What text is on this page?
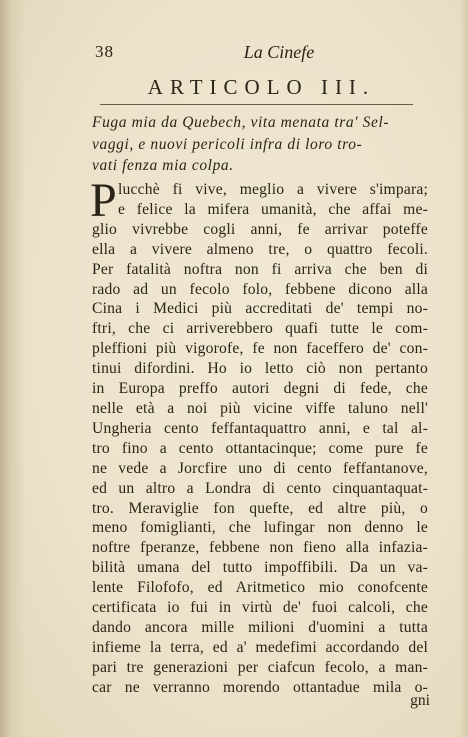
38	La Cinefe
ARTICOLO III.
Fuga mia da Quebech, vita menata tra' Sel-
vaggi, e nuovi pericoli infra di loro tro-
vati fenza mia colpa.
P lucchè fi vive, meglio a vivere s'impara;
e felice la mifera umanità, che affai me-
glio vivrebbe cogli anni, fe arrivar poteffe
ella a vivere almeno tre, o quattro fecoli.
Per fatalità noftra non fi arriva che ben di
rado ad un fecolo folo, febbene dicono alla
Cina i Medici più accreditati de' tempi no-
ftri, che ci arriverebbero quafi tutte le com-
pleffioni più vigorofe, fe non faceffero de' con-
tinui difordini. Ho io letto ciò non pertanto
in Europa preffo autori degni di fede, che
nelle età a noi più vicine viffe taluno nell'
Ungheria cento feffantaquattro anni, e tal al-
tro fino a cento ottantacinque; come pure fe
ne vede a Jorcfire uno di cento feffantanove,
ed un altro a Londra di cento cinquantaquat-
tro. Meraviglie fon quefte, ed altre più, o
meno fomiglianti, che lufingar non denno le
noftre fperanze, febbene non fieno alla infazia-
bilità umana del tutto impoffibili. Da un va-
lente Filofofo, ed Aritmetico mio conofcente
certificata io fui in virtù de' fuoi calcoli, che
dando ancora mille milioni d'uomini a tutta
infieme la terra, ed a' medefimi accordando del
pari tre generazioni per ciafcun fecolo, a man-
car ne verranno morendo ottantadue mila o-
gni
